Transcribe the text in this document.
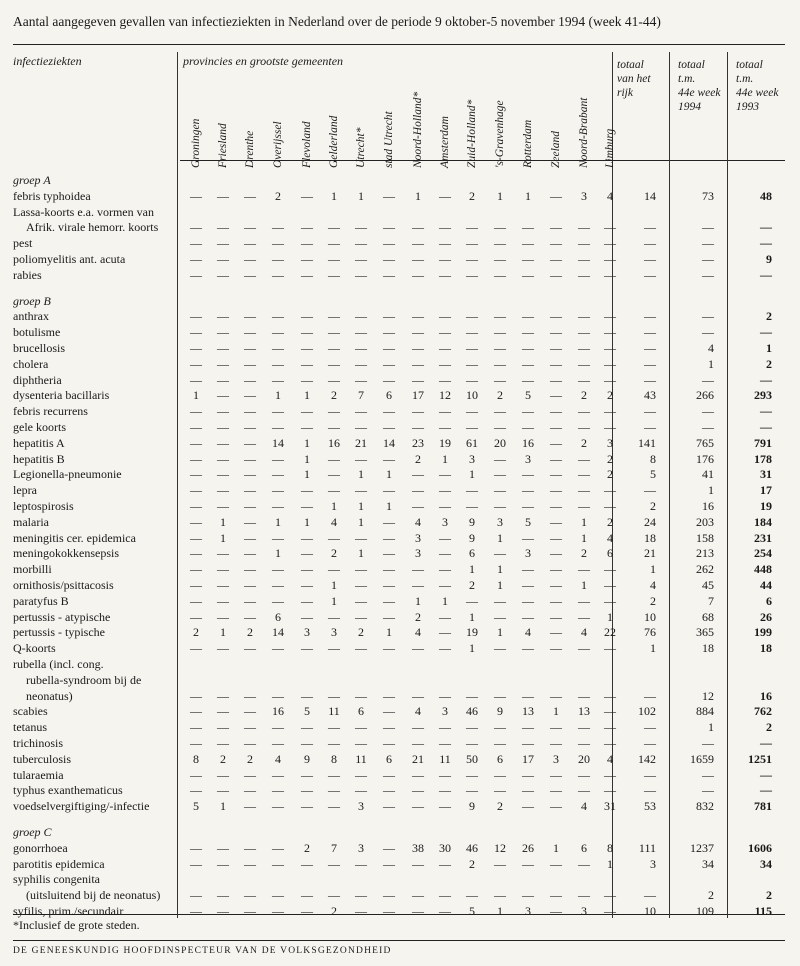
Aantal aangegeven gevallen van infectieziekten in Nederland over de periode 9 oktober-5 november 1994 (week 41-44)
infectieziekten	provincies en grootste gemeenten
Groningen Friesland Drenthe Overijssel Flevoland Gelderland Utrecht* stad Utrecht Noord-Holland* Amsterdam Zuid-Holland* 's-Gravenhage Rotterdam Zeeland Noord-Brabant Limburg
totaal
van het
rijk
totaal
t.m.
44e week
1994
totaal
t.m.
44e week
1993
groep A
febris typhoidea	—	—	—	2	—	1	1	—	1	—	2	1	1	—	3	4	14	73	48
Lassa-koorts e.a. vormen van
Afrik. virale hemorr. koorts	—	—	—	—	—	—	—	—	—	—	—	—	—	—	—	—	—	—	—
pest	—	—	—	—	—	—	—	—	—	—	—	—	—	—	—	—	—	—	—
poliomyelitis ant. acuta	—	—	—	—	—	—	—	—	—	—	—	—	—	—	—	—	—	—	9
rabies	—	—	—	—	—	—	—	—	—	—	—	—	—	—	—	—	—	—	—
groep B
anthrax	—	—	—	—	—	—	—	—	—	—	—	—	—	—	—	—	—	—	2
botulisme	—	—	—	—	—	—	—	—	—	—	—	—	—	—	—	—	—	—	—
brucellosis	—	—	—	—	—	—	—	—	—	—	—	—	—	—	—	—	—	4	1
cholera	—	—	—	—	—	—	—	—	—	—	—	—	—	—	—	—	—	1	2
diphtheria	—	—	—	—	—	—	—	—	—	—	—	—	—	—	—	—	—	—	—
dysenteria bacillaris	1	—	—	1	1	2	7	6	17	12	10	2	5	—	2	2	43	266	293
febris recurrens	—	—	—	—	—	—	—	—	—	—	—	—	—	—	—	—	—	—	—
gele koorts	—	—	—	—	—	—	—	—	—	—	—	—	—	—	—	—	—	—	—
hepatitis A	—	—	—	14	1	16	21	14	23	19	61	20	16	—	2	3	141	765	791
hepatitis B	—	—	—	—	1	—	—	—	2	1	3	—	3	—	—	2	8	176	178
Legionella-pneumonie	—	—	—	—	1	—	1	1	—	—	1	—	—	—	—	2	5	41	31
lepra	—	—	—	—	—	—	—	—	—	—	—	—	—	—	—	—	—	1	17
leptospirosis	—	—	—	—	—	1	1	1	—	—	—	—	—	—	—	—	2	16	19
malaria	—	1	—	1	1	4	1	—	4	3	9	3	5	—	1	2	24	203	184
meningitis cer. epidemica	—	1	—	—	—	—	—	—	3	—	9	1	—	—	1	4	18	158	231
meningokokkensepsis	—	—	—	1	—	2	1	—	3	—	6	—	3	—	2	6	21	213	254
morbilli	—	—	—	—	—	—	—	—	—	—	1	1	—	—	—	—	1	262	448
ornithosis/psittacosis	—	—	—	—	—	1	—	—	—	—	2	1	—	—	1	—	4	45	44
paratyfus B	—	—	—	—	—	1	—	—	1	1	—	—	—	—	—	—	2	7	6
pertussis - atypische	—	—	—	6	—	—	—	—	2	—	1	—	—	—	—	1	10	68	26
pertussis - typische	2	1	2	14	3	3	2	1	4	—	19	1	4	—	4	22	76	365	199
Q-koorts	—	—	—	—	—	—	—	—	—	—	1	—	—	—	—	—	1	18	18
rubella (incl. cong.
rubella-syndroom bij de
neonatus)	—	—	—	—	—	—	—	—	—	—	—	—	—	—	—	—	—	12	16
scabies	—	—	—	16	5	11	6	—	4	3	46	9	13	1	13	—	102	884	762
tetanus	—	—	—	—	—	—	—	—	—	—	—	—	—	—	—	—	—	1	2
trichinosis	—	—	—	—	—	—	—	—	—	—	—	—	—	—	—	—	—	—	—
tuberculosis	8	2	2	4	9	8	11	6	21	11	50	6	17	3	20	4	142	1659	1251
tularaemia	—	—	—	—	—	—	—	—	—	—	—	—	—	—	—	—	—	—	—
typhus exanthematicus	—	—	—	—	—	—	—	—	—	—	—	—	—	—	—	—	—	—	—
voedselvergiftiging/-infectie	5	1	—	—	—	—	3	—	—	—	9	2	—	—	4	31	53	832	781
groep C
gonorrhoea	—	—	—	—	2	7	3	—	38	30	46	12	26	1	6	8	111	1237	1606
parotitis epidemica	—	—	—	—	—	—	—	—	—	—	2	—	—	—	—	1	3	34	34
syphilis congenita
(uitsluitend bij de neonatus)	—	—	—	—	—	—	—	—	—	—	—	—	—	—	—	—	—	2	2
syfilis, prim./secundair	—	—	—	—	—	2	—	—	—	—	5	1	3	—	3	—	10	109	115
*Inclusief de grote steden.
DE GENEESKUNDIG HOOFDINSPECTEUR VAN DE VOLKSGEZONDHEID
